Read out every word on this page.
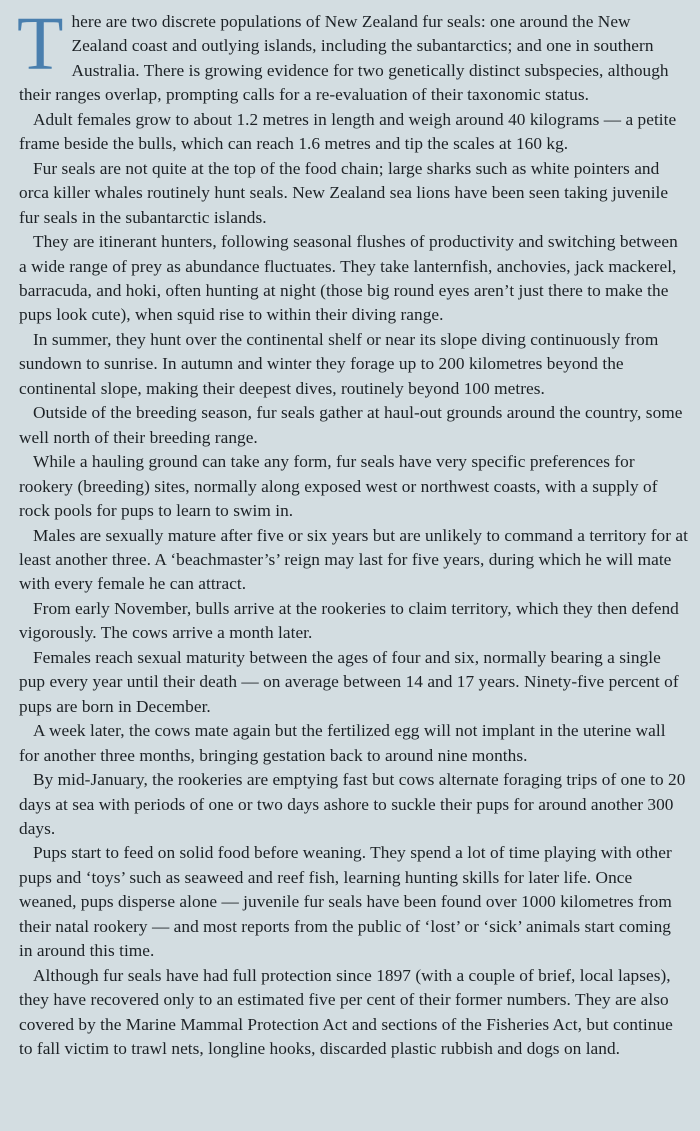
There are two discrete populations of New Zealand fur seals: one around the New Zealand coast and outlying islands, including the subantarctics; and one in southern Australia. There is growing evidence for two genetically distinct subspecies, although their ranges overlap, prompting calls for a re-evaluation of their taxonomic status.

Adult females grow to about 1.2 metres in length and weigh around 40 kilograms — a petite frame beside the bulls, which can reach 1.6 metres and tip the scales at 160 kg.

Fur seals are not quite at the top of the food chain; large sharks such as white pointers and orca killer whales routinely hunt seals. New Zealand sea lions have been seen taking juvenile fur seals in the subantarctic islands.

They are itinerant hunters, following seasonal flushes of productivity and switching between a wide range of prey as abundance fluctuates. They take lanternfish, anchovies, jack mackerel, barracuda, and hoki, often hunting at night (those big round eyes aren’t just there to make the pups look cute), when squid rise to within their diving range.

In summer, they hunt over the continental shelf or near its slope diving continuously from sundown to sunrise. In autumn and winter they forage up to 200 kilometres beyond the continental slope, making their deepest dives, routinely beyond 100 metres.

Outside of the breeding season, fur seals gather at haul-out grounds around the country, some well north of their breeding range.

While a hauling ground can take any form, fur seals have very specific preferences for rookery (breeding) sites, normally along exposed west or northwest coasts, with a supply of rock pools for pups to learn to swim in.

Males are sexually mature after five or six years but are unlikely to command a territory for at least another three. A ‘beachmaster’s’ reign may last for five years, during which he will mate with every female he can attract.

From early November, bulls arrive at the rookeries to claim territory, which they then defend vigorously. The cows arrive a month later.

Females reach sexual maturity between the ages of four and six, normally bearing a single pup every year until their death — on average between 14 and 17 years. Ninety-five percent of pups are born in December.

A week later, the cows mate again but the fertilized egg will not implant in the uterine wall for another three months, bringing gestation back to around nine months.

By mid-January, the rookeries are emptying fast but cows alternate foraging trips of one to 20 days at sea with periods of one or two days ashore to suckle their pups for around another 300 days.

Pups start to feed on solid food before weaning. They spend a lot of time playing with other pups and ‘toys’ such as seaweed and reef fish, learning hunting skills for later life. Once weaned, pups disperse alone — juvenile fur seals have been found over 1000 kilometres from their natal rookery — and most reports from the public of ‘lost’ or ‘sick’ animals start coming in around this time.

Although fur seals have had full protection since 1897 (with a couple of brief, local lapses), they have recovered only to an estimated five per cent of their former numbers. They are also covered by the Marine Mammal Protection Act and sections of the Fisheries Act, but continue to fall victim to trawl nets, longline hooks, discarded plastic rubbish and dogs on land.
